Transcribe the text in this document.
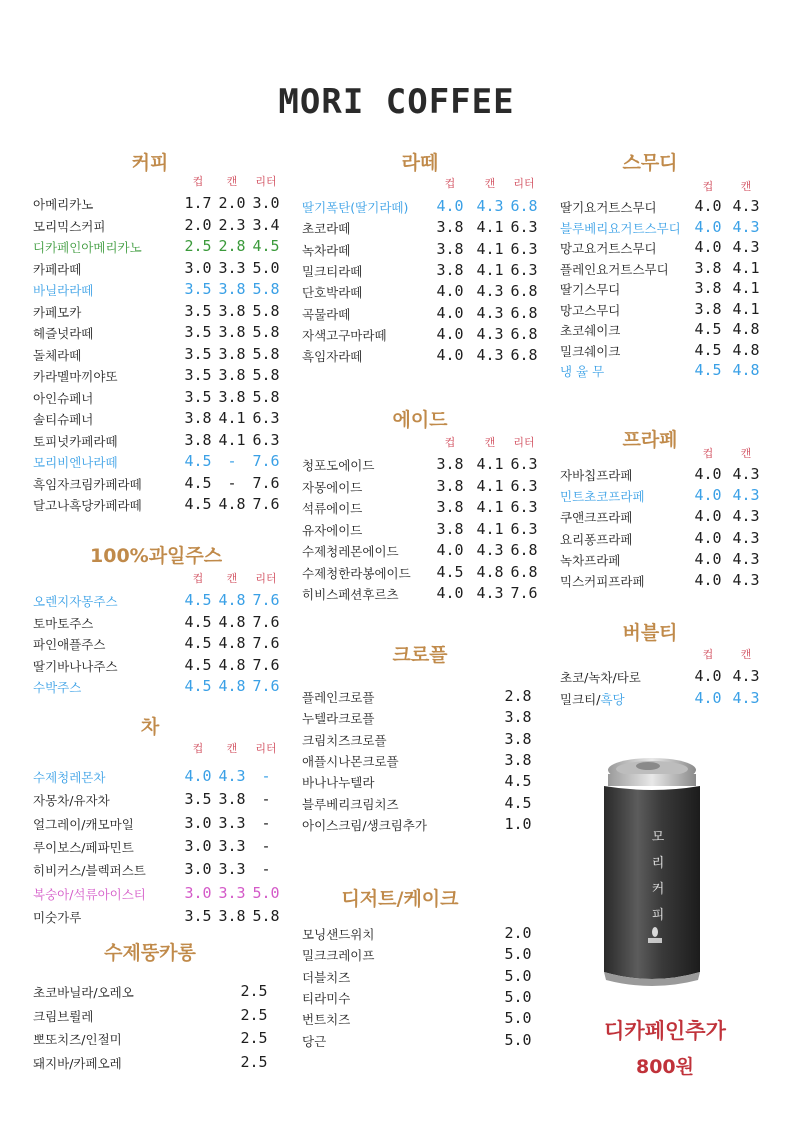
MORI COFFEE
커피
컵	캔	리터
아메리카노	1.7 2.0 3.0
모리믹스커피	2.0 2.3 3.4
디카페인아메리카노	2.5 2.8 4.5
카페라떼	3.0 3.3 5.0
바닐라라떼	3.5 3.8 5.8
카페모카	3.5 3.8 5.8
헤즐넛라떼	3.5 3.8 5.8
돌체라떼	3.5 3.8 5.8
카라멜마끼야또	3.5 3.8 5.8
아인슈페너	3.5 3.8 5.8
솔티슈페너	3.8 4.1 6.3
토피넛카페라떼	3.8 4.1 6.3
모리비엔나라떼	4.5	-	7.6
흑임자크림카페라떼	4.5	-	7.6
달고나흑당카페라떼	4.5 4.8 7.6
100%과일주스
컵	캔	리터
오렌지자몽주스	4.5 4.8 7.6
토마토주스	4.5 4.8 7.6
파인애플주스	4.5 4.8 7.6
딸기바나나주스	4.5 4.8 7.6
수박주스	4.5 4.8 7.6
차
컵	캔	리터
수제청레몬차	4.0 4.3	-
자몽차/유자차	3.5 3.8	-
얼그레이/캐모마일	3.0 3.3	-
루이보스/페파민트	3.0 3.3	-
히비커스/블렉퍼스트	3.0 3.3	-
복숭아/석류아이스티	3.0 3.3 5.0
미숫가루	3.5 3.8 5.8
수제뚱카롱
초코바닐라/오레오	2.5
크림브륄레	2.5
뽀또치즈/인절미	2.5
돼지바/카페오레	2.5
라떼
컵	캔	리터
딸기폭탄(딸기라떼) 4.0 4.3 6.8
초코라떼	3.8 4.1 6.3
녹차라떼	3.8 4.1 6.3
밀크티라떼	3.8 4.1 6.3
단호박라떼	4.0 4.3 6.8
곡물라떼	4.0 4.3 6.8
자색고구마라떼	4.0 4.3 6.8
흑임자라떼	4.0 4.3 6.8
에이드
컵	캔	리터
청포도에이드	3.8 4.1 6.3
자몽에이드	3.8 4.1 6.3
석류에이드	3.8 4.1 6.3
유자에이드	3.8 4.1 6.3
수제청레몬에이드	4.0 4.3 6.8
수제청한라봉에이드 4.5 4.8 6.8
히비스페션후르츠	4.0 4.3 7.6
크로플
플레인크로플	2.8
누텔라크로플	3.8
크림치즈크로플	3.8
애플시나몬크로플	3.8
바나나누텔라	4.5
블루베리크림치즈	4.5
아이스크림/생크림추가	1.0
디저트/케이크
모닝샌드위치	2.0
밀크크레이프	5.0
더블치즈	5.0
티라미수	5.0
번트치즈	5.0
당근	5.0
스무디
컵	캔
딸기요거트스무디	4.0 4.3
블루베리요거트스무디 4.0 4.3
망고요거트스무디	4.0 4.3
플레인요거트스무디 3.8 4.1
딸기스무디	3.8 4.1
망고스무디	3.8 4.1
초코쉐이크	4.5 4.8
밀크쉐이크	4.5 4.8
냉 율 무	4.5 4.8
프라페
컵	캔
자바칩프라페	4.0 4.3
민트초코프라페	4.0 4.3
쿠앤크프라페	4.0 4.3
요리퐁프라페	4.0 4.3
녹차프라페	4.0 4.3
믹스커피프라페	4.0 4.3
버블티
컵	캔
초코/녹차/타로	4.0 4.3
밀크티/흑당	4.0 4.3
모
리
커
피
디카페인추가
800원
